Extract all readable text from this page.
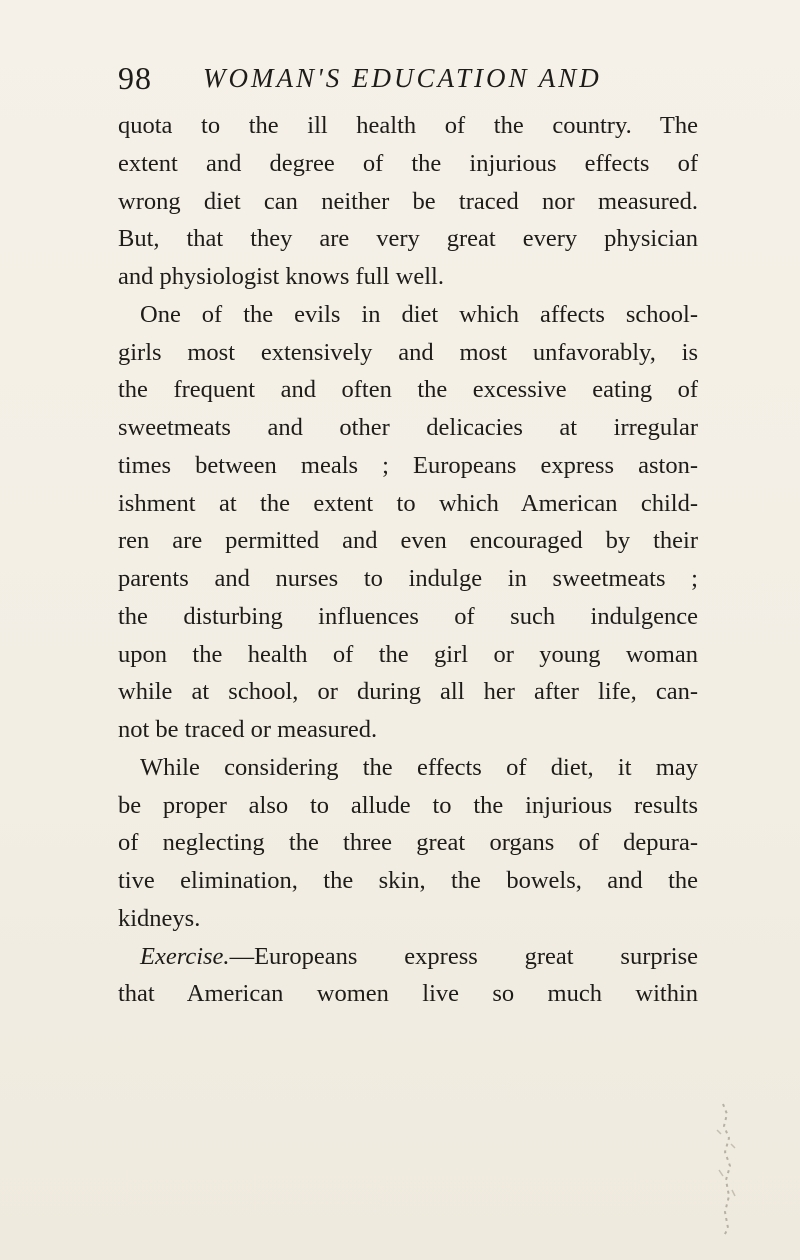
98 WOMAN'S EDUCATION AND
quota to the ill health of the country. The
extent and degree of the injurious effects of
wrong diet can neither be traced nor measured.
But, that they are very great every physician
and physiologist knows full well.
One of the evils in diet which affects school-
girls most extensively and most unfavorably, is
the frequent and often the excessive eating of
sweetmeats and other delicacies at irregular
times between meals ; Europeans express aston-
ishment at the extent to which American child-
ren are permitted and even encouraged by their
parents and nurses to indulge in sweetmeats ;
the disturbing influences of such indulgence
upon the health of the girl or young woman
while at school, or during all her after life, can-
not be traced or measured.
While considering the effects of diet, it may
be proper also to allude to the injurious results
of neglecting the three great organs of depura-
tive elimination, the skin, the bowels, and the
kidneys.
Exercise.—Europeans express great surprise
that American women live so much within
